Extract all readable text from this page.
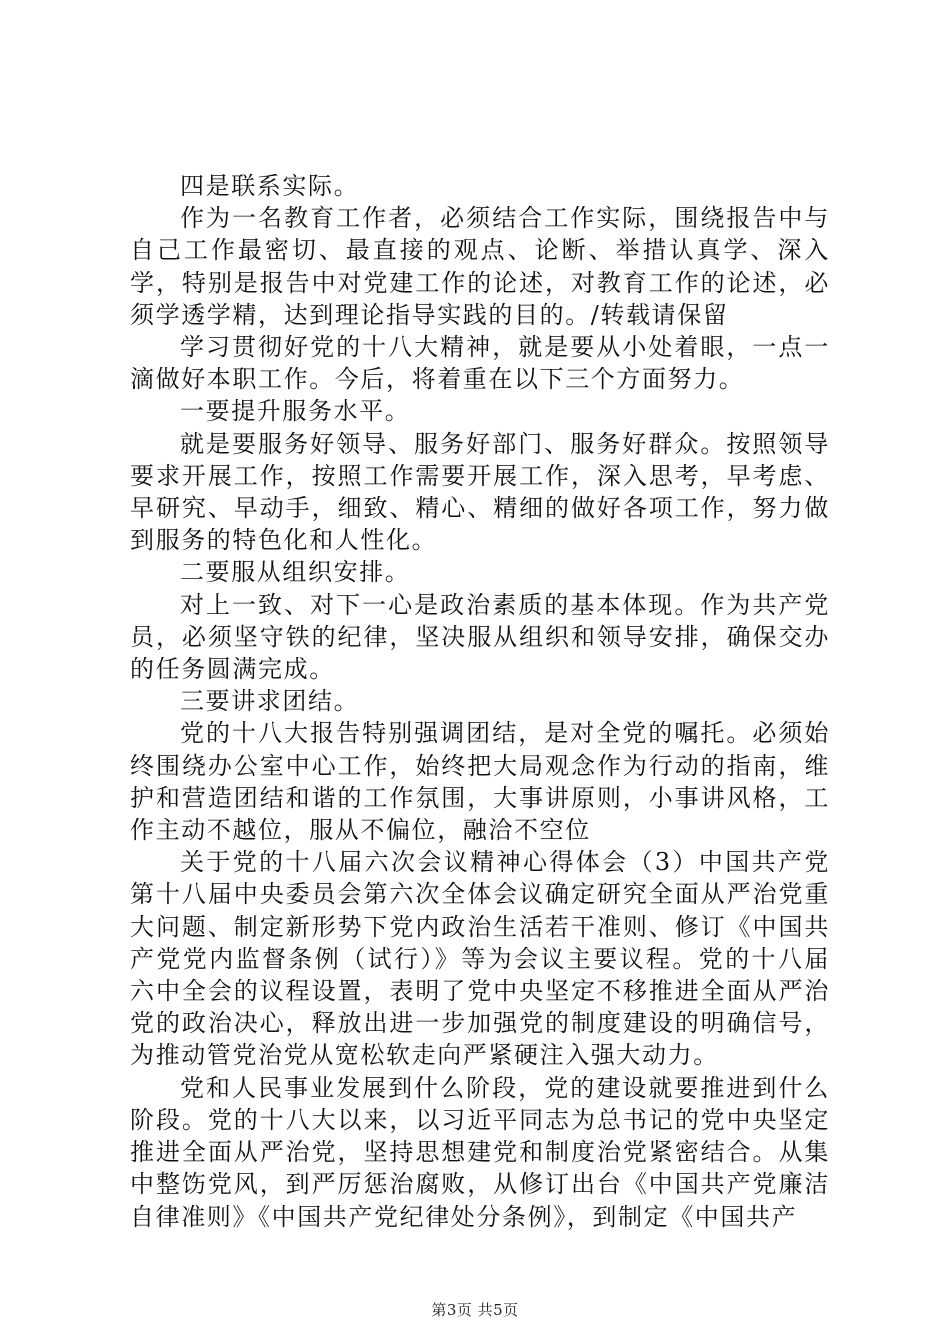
四是联系实际。

作为一名教育工作者，必须结合工作实际，围绕报告中与自己工作最密切、最直接的观点、论断、举措认真学、深入学，特别是报告中对党建工作的论述，对教育工作的论述，必须学透学精，达到理论指导实践的目的。/转载请保留

学习贯彻好党的十八大精神，就是要从小处着眼，一点一滴做好本职工作。今后，将着重在以下三个方面努力。

一要提升服务水平。

就是要服务好领导、服务好部门、服务好群众。按照领导要求开展工作，按照工作需要开展工作，深入思考，早考虑、早研究、早动手，细致、精心、精细的做好各项工作，努力做到服务的特色化和人性化。

二要服从组织安排。

对上一致、对下一心是政治素质的基本体现。作为共产党员，必须坚守铁的纪律，坚决服从组织和领导安排，确保交办的任务圆满完成。

三要讲求团结。

党的十八大报告特别强调团结，是对全党的嘱托。必须始终围绕办公室中心工作，始终把大局观念作为行动的指南，维护和营造团结和谐的工作氛围，大事讲原则，小事讲风格，工作主动不越位，服从不偏位，融洽不空位

关于党的十八届六次会议精神心得体会（3）中国共产党第十八届中央委员会第六次全体会议确定研究全面从严治党重大问题、制定新形势下党内政治生活若干准则、修订《中国共产党党内监督条例（试行）》等为会议主要议程。党的十八届六中全会的议程设置，表明了党中央坚定不移推进全面从严治党的政治决心，释放出进一步加强党的制度建设的明确信号，为推动管党治党从宽松软走向严紧硬注入强大动力。

党和人民事业发展到什么阶段，党的建设就要推进到什么阶段。党的十八大以来，以习近平同志为总书记的党中央坚定推进全面从严治党，坚持思想建党和制度治党紧密结合。从集中整饬党风，到严厉惩治腐败，从修订出台《中国共产党廉洁自律准则》《中国共产党纪律处分条例》，到制定《中国共产

第3页 共5页
